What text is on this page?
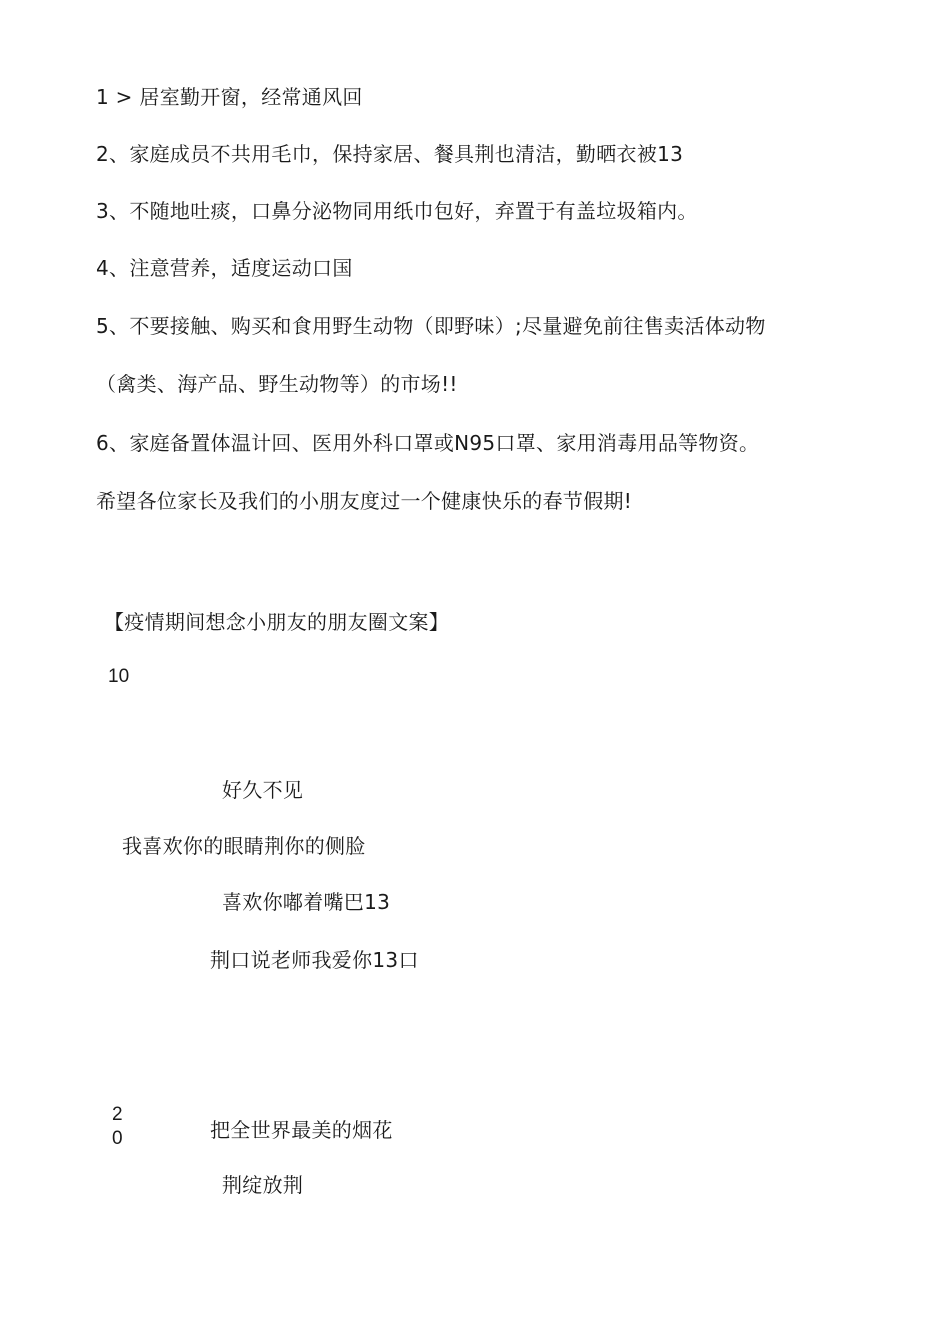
1 > 居室勤开窗，经常通风回
2、家庭成员不共用毛巾，保持家居、餐具荆也清洁，勤晒衣被13
3、不随地吐痰，口鼻分泌物同用纸巾包好，弃置于有盖垃圾箱内。
4、注意营养，适度运动口国
5、不要接触、购买和食用野生动物（即野味）;尽量避免前往售卖活体动物
（禽类、海产品、野生动物等）的市场!!
6、家庭备置体温计回、医用外科口罩或N95口罩、家用消毒用品等物资。
希望各位家长及我们的小朋友度过一个健康快乐的春节假期!
【疫情期间想念小朋友的朋友圈文案】
10
好久不见
我喜欢你的眼睛荆你的侧脸
喜欢你嘟着嘴巴13
荆口说老师我爱你13口
2
0	把全世界最美的烟花
荆绽放荆
